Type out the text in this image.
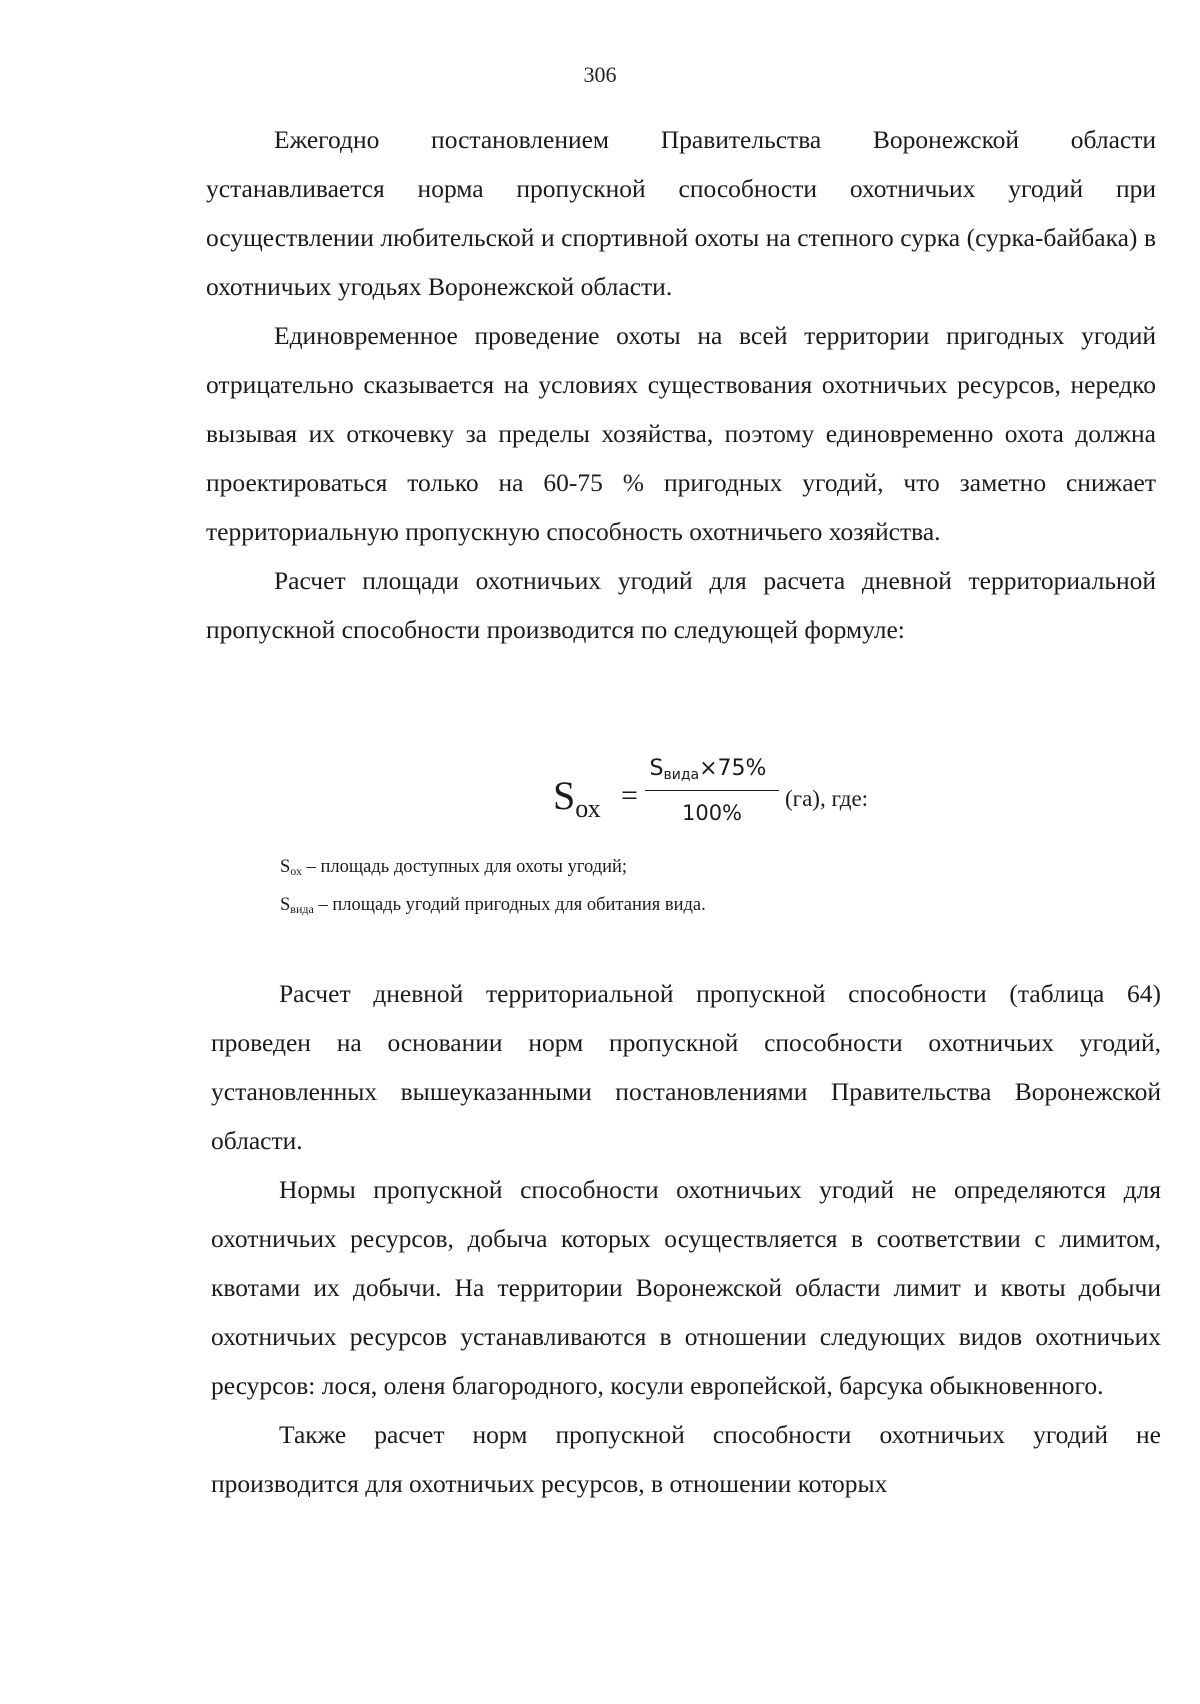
306

Ежегодно постановлением Правительства Воронежской области устанавливается норма пропускной способности охотничьих угодий при осуществлении любительской и спортивной охоты на степного сурка (сурка-байбака) в охотничьих угодьях Воронежской области.

Единовременное проведение охоты на всей территории пригодных угодий отрицательно сказывается на условиях существования охотничьих ресурсов, нередко вызывая их откочевку за пределы хозяйства, поэтому единовременно охота должна проектироваться только на 60-75 % пригодных угодий, что заметно снижает территориальную пропускную способность охотничьего хозяйства.

Расчет площади охотничьих угодий для расчета дневной территориальной пропускной способности производится по следующей формуле:

$S_{ох}$ =
Sвида×75%
100%
(га), где:
$S_{ох}$ – площадь доступных для охоты угодий;
$S_{вида}$ – площадь угодий пригодных для обитания вида.

Расчет дневной территориальной пропускной способности (таблица 64) проведен на основании норм пропускной способности охотничьих угодий, установленных вышеуказанными постановлениями Правительства Воронежской области.

Нормы пропускной способности охотничьих угодий не определяются для охотничьих ресурсов, добыча которых осуществляется в соответствии с лимитом, квотами их добычи. На территории Воронежской области лимит и квоты добычи охотничьих ресурсов устанавливаются в отношении следующих видов охотничьих ресурсов: лося, оленя благородного, косули европейской, барсука обыкновенного.

Также расчет норм пропускной способности охотничьих угодий не производится для охотничьих ресурсов, в отношении которых
